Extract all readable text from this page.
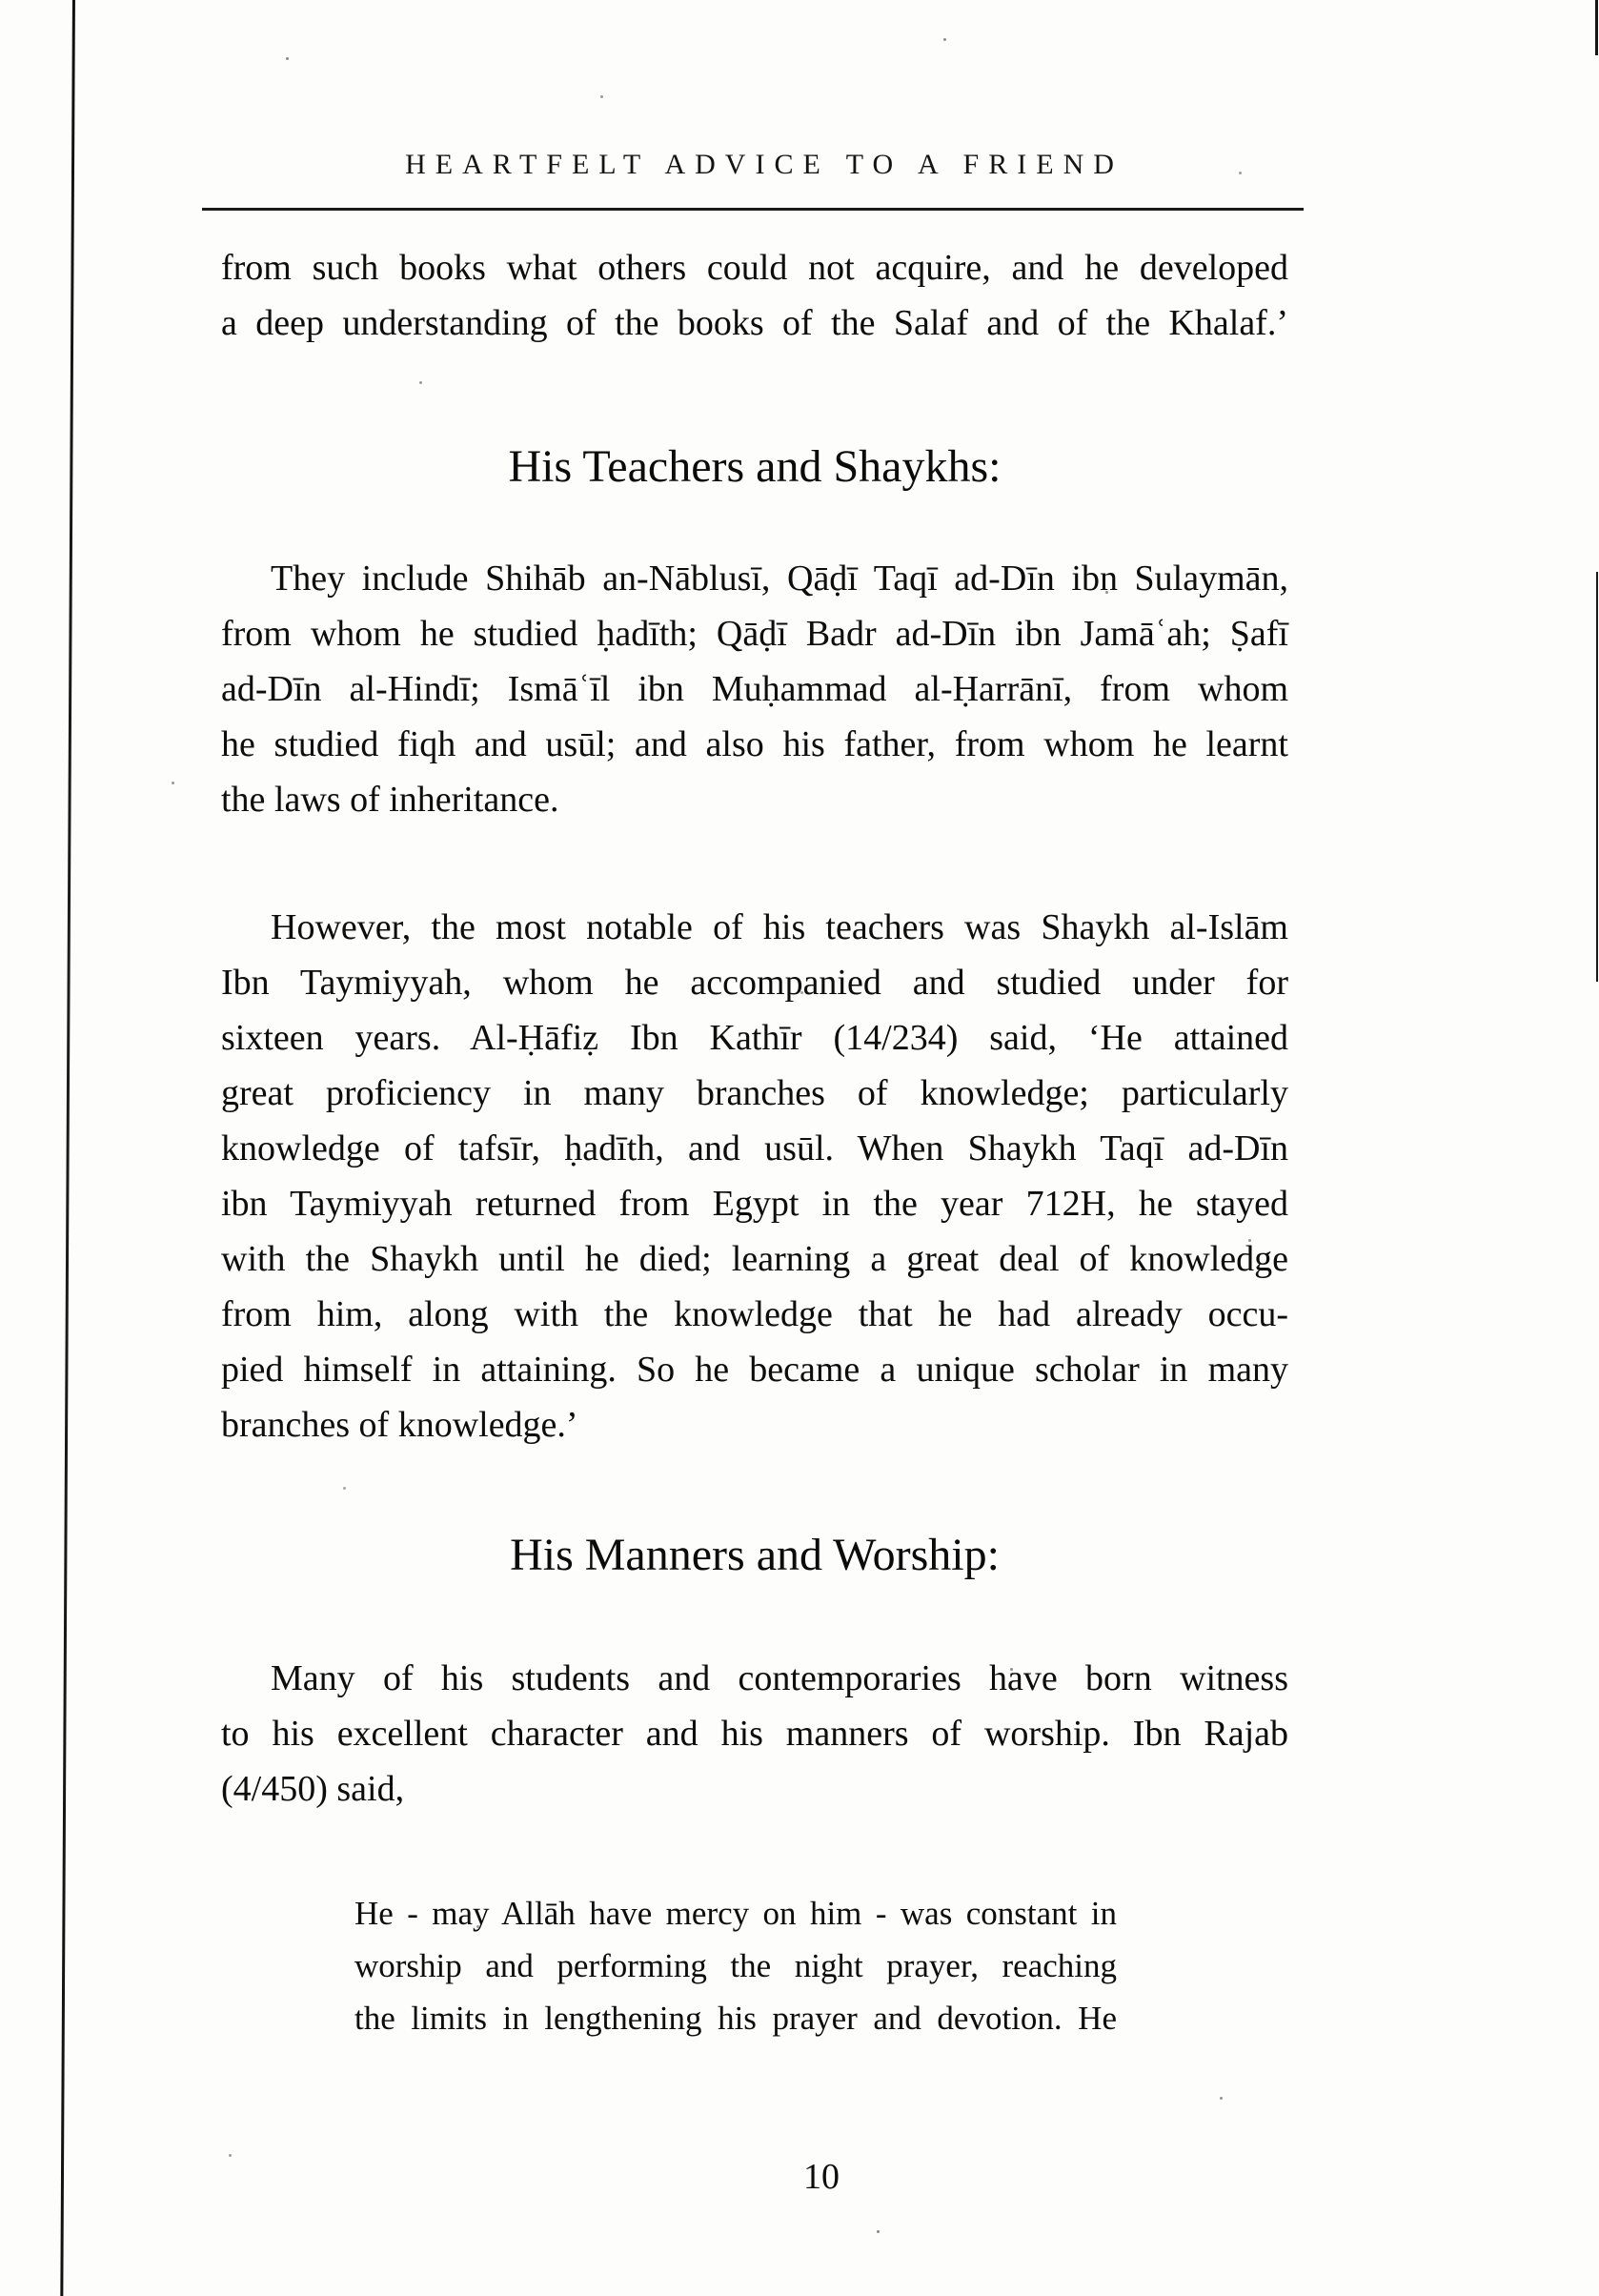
HEARTFELT ADVICE TO A FRIEND
from such books what others could not acquire, and he developed
a deep understanding of the books of the Salaf and of the Khalaf.’
His Teachers and Shaykhs:
They include Shihāb an-Nāblusī, Qāḍī Taqī ad-Dīn ibn Sulaymān,
from whom he studied ḥadīth; Qāḍī Badr ad-Dīn ibn Jamāʿah; Ṣafī
ad-Dīn al-Hindī; Ismāʿīl ibn Muḥammad al-Ḥarrānī, from whom
he studied fiqh and usūl; and also his father, from whom he learnt
the laws of inheritance.
However, the most notable of his teachers was Shaykh al-Islām
Ibn Taymiyyah, whom he accompanied and studied under for
sixteen years. Al-Ḥāfiẓ Ibn Kathīr (14/234) said, ‘He attained
great proficiency in many branches of knowledge; particularly
knowledge of tafsīr, ḥadīth, and usūl. When Shaykh Taqī ad-Dīn
ibn Taymiyyah returned from Egypt in the year 712H, he stayed
with the Shaykh until he died; learning a great deal of knowledge
from him, along with the knowledge that he had already occu-
pied himself in attaining. So he became a unique scholar in many
branches of knowledge.’
His Manners and Worship:
Many of his students and contemporaries have born witness
to his excellent character and his manners of worship. Ibn Rajab
(4/450) said,
He - may Allāh have mercy on him - was constant in
worship and performing the night prayer, reaching
the limits in lengthening his prayer and devotion. He
10
